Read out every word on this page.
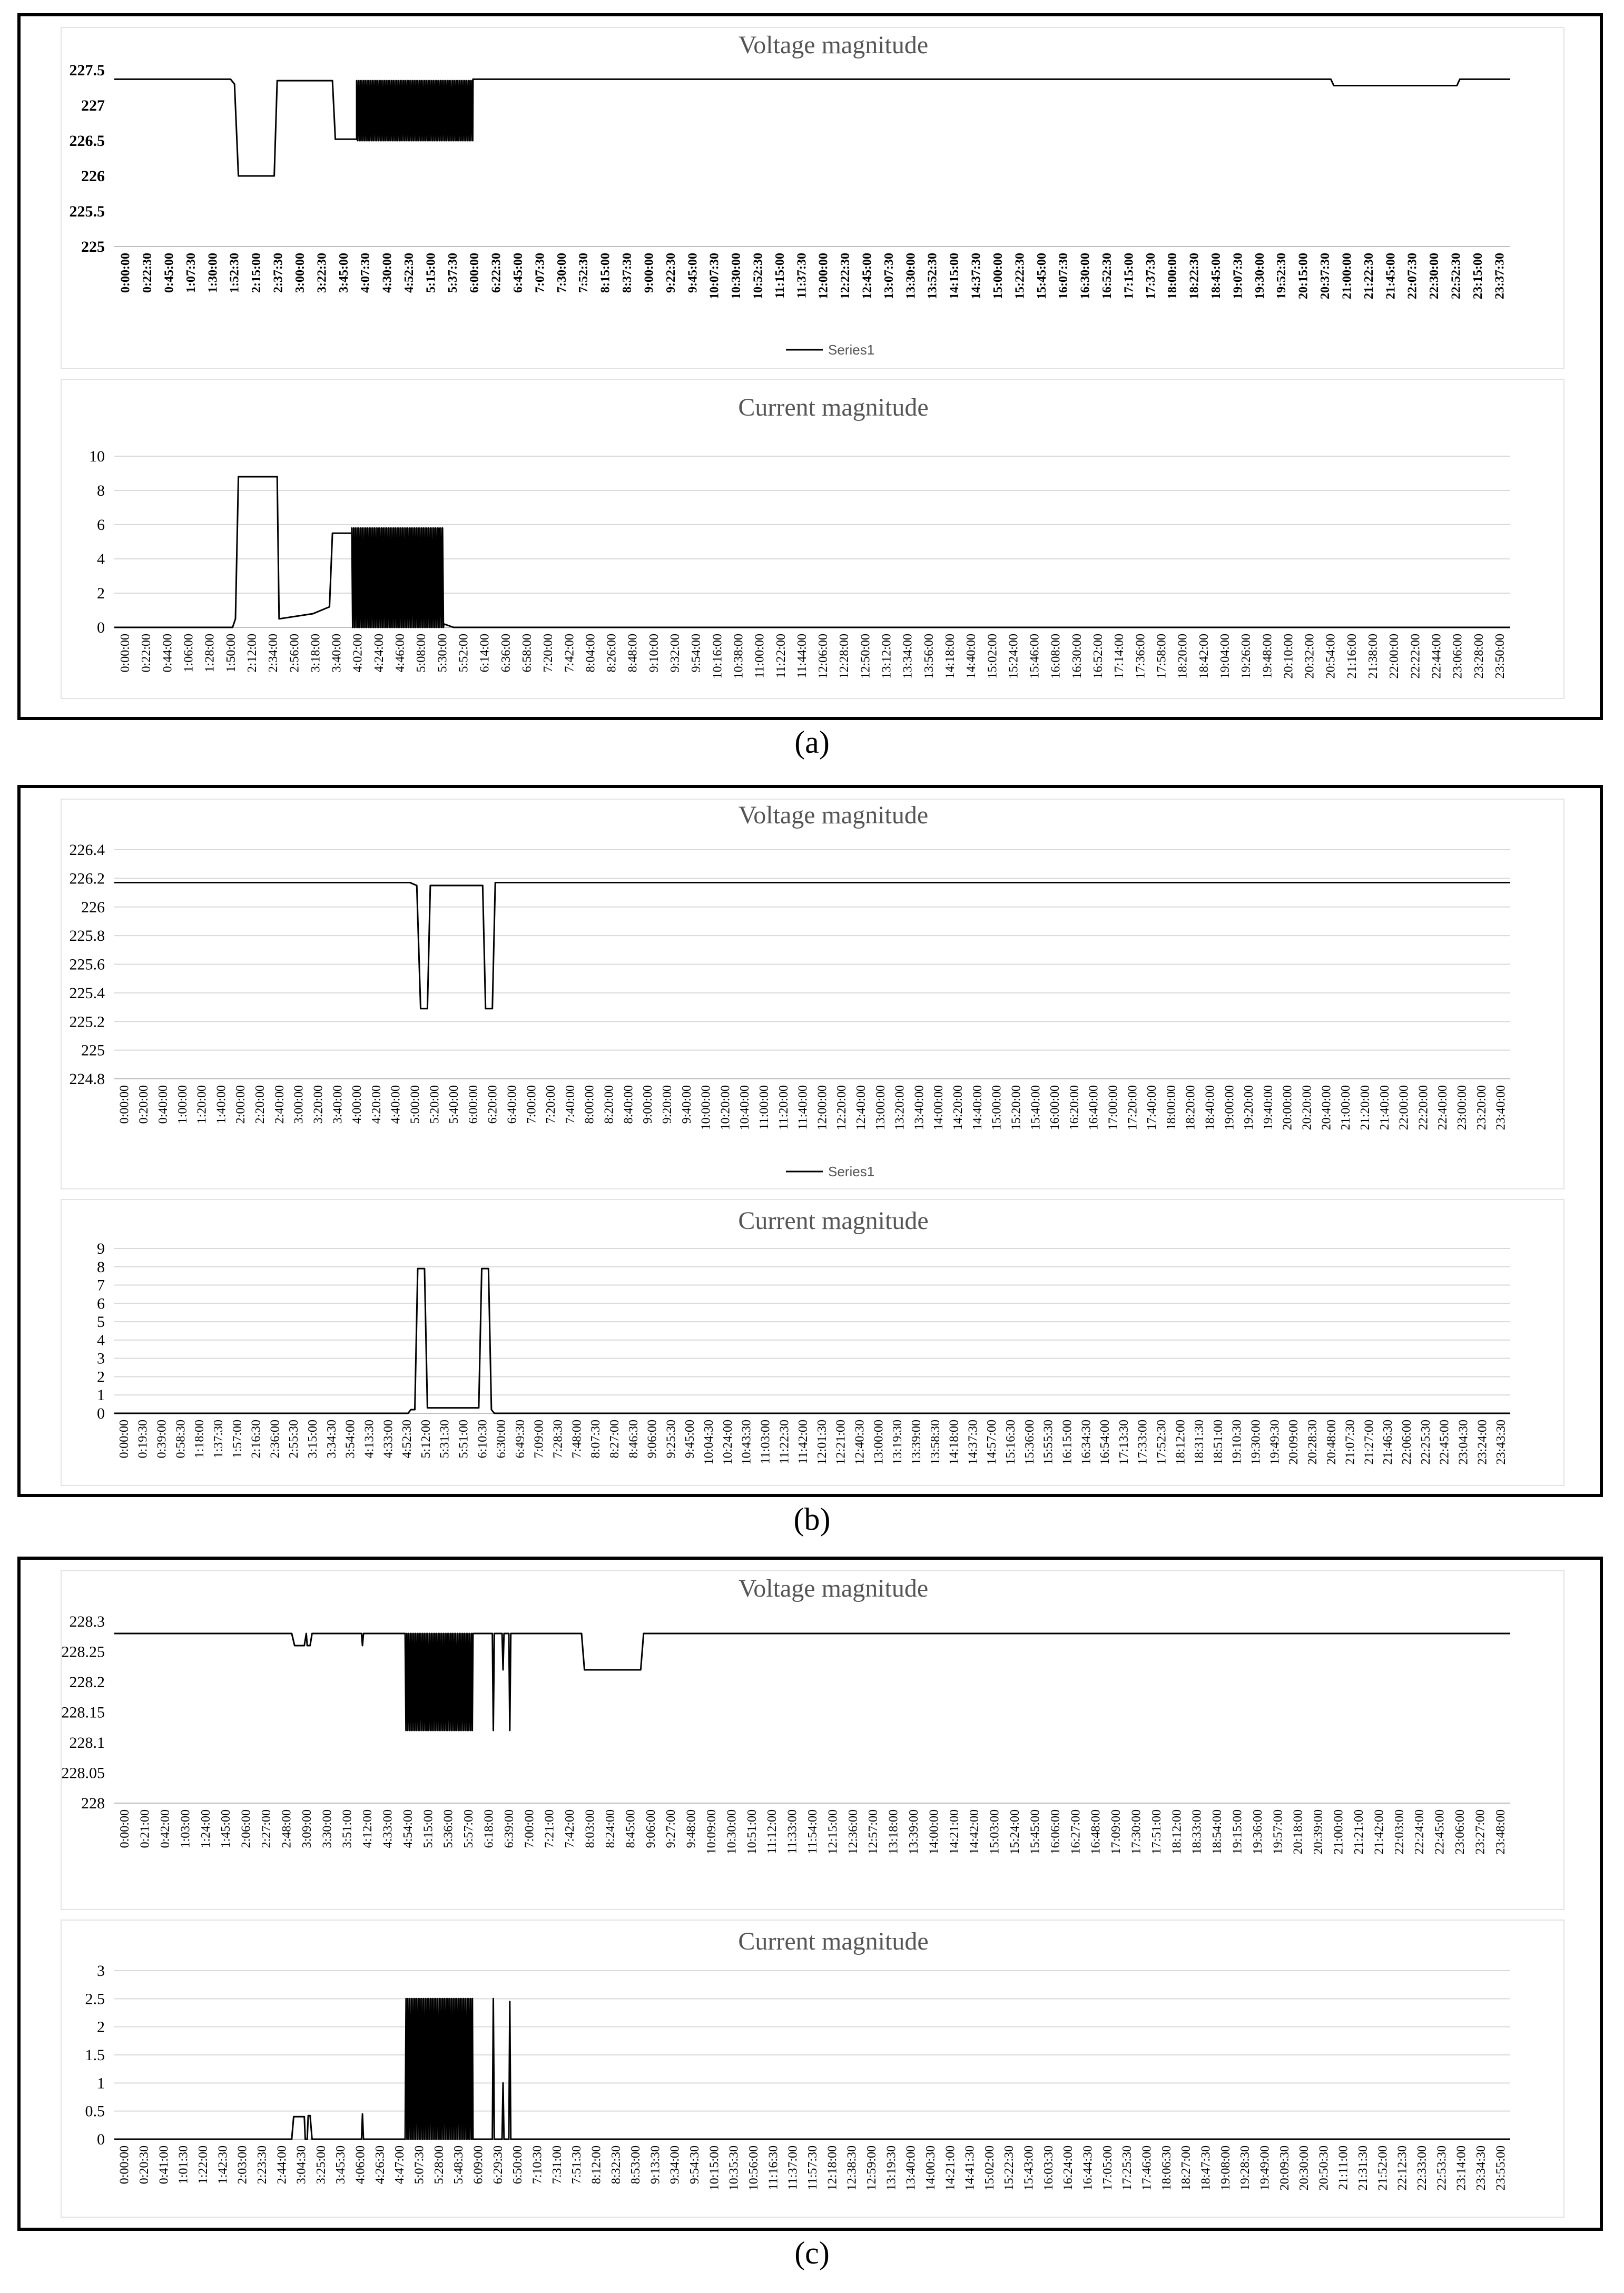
Voltage magnitude
227.5
227
226.5
226
225.5
225
0:00:00 0:22:30 0:45:00 1:07:30 1:30:00 1:52:30 2:15:00 2:37:30 3:00:00 3:22:30 3:45:00 4:07:30 4:30:00 4:52:30 5:15:00 5:37:30 6:00:00 6:22:30 6:45:00 7:07:30 7:30:00 7:52:30 8:15:00 8:37:30 9:00:00 9:22:30 9:45:00 10:07:30 10:30:00 10:52:30 11:15:00 11:37:30 12:00:00 12:22:30 12:45:00 13:07:30 13:30:00 13:52:30 14:15:00 14:37:30 15:00:00 15:22:30 15:45:00 16:07:30 16:30:00 16:52:30 17:15:00 17:37:30 18:00:00 18:22:30 18:45:00 19:07:30 19:30:00 19:52:30 20:15:00 20:37:30 21:00:00 21:22:30 21:45:00 22:07:30 22:30:00 22:52:30 23:15:00 23:37:30
Series1
Current magnitude
10
8
6
4
2
0
0:00:00 0:22:00 0:44:00 1:06:00 1:28:00 1:50:00 2:12:00 2:34:00 2:56:00 3:18:00 3:40:00 4:02:00 4:24:00 4:46:00 5:08:00 5:30:00 5:52:00 6:14:00 6:36:00 6:58:00 7:20:00 7:42:00 8:04:00 8:26:00 8:48:00 9:10:00 9:32:00 9:54:00 10:16:00 10:38:00 11:00:00 11:22:00 11:44:00 12:06:00 12:28:00 12:50:00 13:12:00 13:34:00 13:56:00 14:18:00 14:40:00 15:02:00 15:24:00 15:46:00 16:08:00 16:30:00 16:52:00 17:14:00 17:36:00 17:58:00 18:20:00 18:42:00 19:04:00 19:26:00 19:48:00 20:10:00 20:32:00 20:54:00 21:16:00 21:38:00 22:00:00 22:22:00 22:44:00 23:06:00 23:28:00 23:50:00
(a)
Voltage magnitude
226.4
226.2
226
225.8
225.6
225.4
225.2
225
224.8
0:00:00 0:20:00 0:40:00 1:00:00 1:20:00 1:40:00 2:00:00 2:20:00 2:40:00 3:00:00 3:20:00 3:40:00 4:00:00 4:20:00 4:40:00 5:00:00 5:20:00 5:40:00 6:00:00 6:20:00 6:40:00 7:00:00 7:20:00 7:40:00 8:00:00 8:20:00 8:40:00 9:00:00 9:20:00 9:40:00 10:00:00 10:20:00 10:40:00 11:00:00 11:20:00 11:40:00 12:00:00 12:20:00 12:40:00 13:00:00 13:20:00 13:40:00 14:00:00 14:20:00 14:40:00 15:00:00 15:20:00 15:40:00 16:00:00 16:20:00 16:40:00 17:00:00 17:20:00 17:40:00 18:00:00 18:20:00 18:40:00 19:00:00 19:20:00 19:40:00 20:00:00 20:20:00 20:40:00 21:00:00 21:20:00 21:40:00 22:00:00 22:20:00 22:40:00 23:00:00 23:20:00 23:40:00
Series1
Current magnitude
9
8
7
6
5
4
3
2
1
0
0:00:00 0:19:30 0:39:00 0:58:30 1:18:00 1:37:30 1:57:00 2:16:30 2:36:00 2:55:30 3:15:00 3:34:30 3:54:00 4:13:30 4:33:00 4:52:30 5:12:00 5:31:30 5:51:00 6:10:30 6:30:00 6:49:30 7:09:00 7:28:30 7:48:00 8:07:30 8:27:00 8:46:30 9:06:00 9:25:30 9:45:00 10:04:30 10:24:00 10:43:30 11:03:00 11:22:30 11:42:00 12:01:30 12:21:00 12:40:30 13:00:00 13:19:30 13:39:00 13:58:30 14:18:00 14:37:30 14:57:00 15:16:30 15:36:00 15:55:30 16:15:00 16:34:30 16:54:00 17:13:30 17:33:00 17:52:30 18:12:00 18:31:30 18:51:00 19:10:30 19:30:00 19:49:30 20:09:00 20:28:30 20:48:00 21:07:30 21:27:00 21:46:30 22:06:00 22:25:30 22:45:00 23:04:30 23:24:00 23:43:30
(b)
Voltage magnitude
228.3
228.25
228.2
228.15
228.1
228.05
228
0:00:00 0:21:00 0:42:00 1:03:00 1:24:00 1:45:00 2:06:00 2:27:00 2:48:00 3:09:00 3:30:00 3:51:00 4:12:00 4:33:00 4:54:00 5:15:00 5:36:00 5:57:00 6:18:00 6:39:00 7:00:00 7:21:00 7:42:00 8:03:00 8:24:00 8:45:00 9:06:00 9:27:00 9:48:00 10:09:00 10:30:00 10:51:00 11:12:00 11:33:00 11:54:00 12:15:00 12:36:00 12:57:00 13:18:00 13:39:00 14:00:00 14:21:00 14:42:00 15:03:00 15:24:00 15:45:00 16:06:00 16:27:00 16:48:00 17:09:00 17:30:00 17:51:00 18:12:00 18:33:00 18:54:00 19:15:00 19:36:00 19:57:00 20:18:00 20:39:00 21:00:00 21:21:00 21:42:00 22:03:00 22:24:00 22:45:00 23:06:00 23:27:00 23:48:00
Current magnitude
3
2.5
2
1.5
1
0.5
0
0:00:00 0:20:30 0:41:00 1:01:30 1:22:00 1:42:30 2:03:00 2:23:30 2:44:00 3:04:30 3:25:00 3:45:30 4:06:00 4:26:30 4:47:00 5:07:30 5:28:00 5:48:30 6:09:00 6:29:30 6:50:00 7:10:30 7:31:00 7:51:30 8:12:00 8:32:30 8:53:00 9:13:30 9:34:00 9:54:30 10:15:00 10:35:30 10:56:00 11:16:30 11:37:00 11:57:30 12:18:00 12:38:30 12:59:00 13:19:30 13:40:00 14:00:30 14:21:00 14:41:30 15:02:00 15:22:30 15:43:00 16:03:30 16:24:00 16:44:30 17:05:00 17:25:30 17:46:00 18:06:30 18:27:00 18:47:30 19:08:00 19:28:30 19:49:00 20:09:30 20:30:00 20:50:30 21:11:00 21:31:30 21:52:00 22:12:30 22:33:00 22:53:30 23:14:00 23:34:30 23:55:00
(c)
